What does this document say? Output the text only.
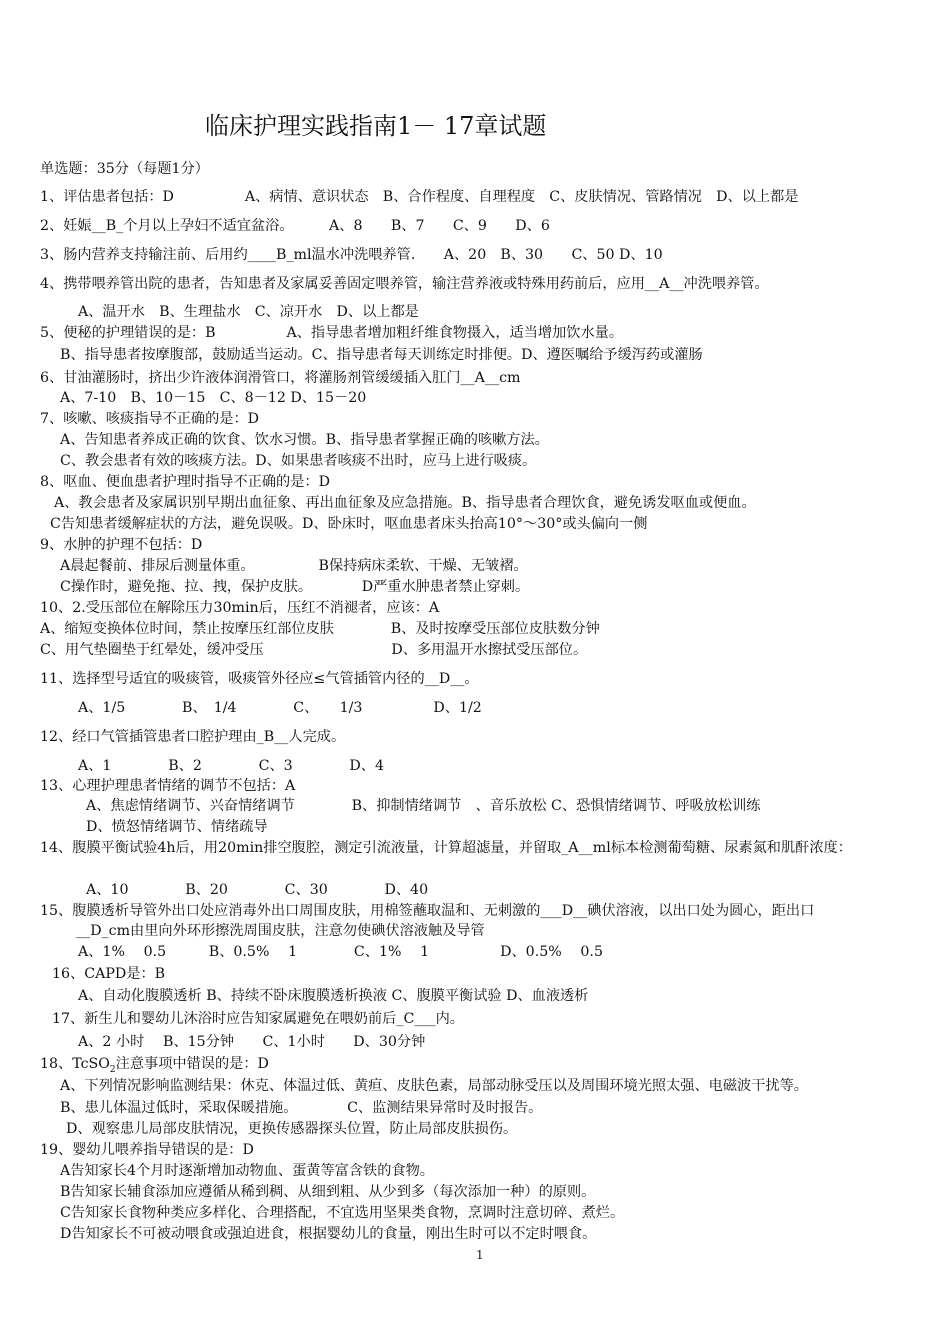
临床护理实践指南1－ 17章试题
单选题：35分（每题1分）
1、评估患者包括：D　　　　　A、病情、意识状态　B、合作程度、自理程度　C、皮肤情况、管路情况　D、以上都是
2、妊娠__B_个月以上孕妇不适宜盆浴。　　　A、8　　B、7　　C、9　　D、6
3、肠内营养支持输注前、后用约____B_ml温水冲洗喂养管.　　A、20　B、30　　C、50 D、10
4、携带喂养管出院的患者，告知患者及家属妥善固定喂养管，输注营养液或特殊用药前后，应用__A__冲洗喂养管。
A、温开水　B、生理盐水　C、凉开水　D、以上都是
5、便秘的护理错误的是：B　　　　　A、指导患者增加粗纤维食物摄入，适当增加饮水量。
B、指导患者按摩腹部，鼓励适当运动。C、指导患者每天训练定时排便。D、遵医嘱给予缓泻药或灌肠
6、甘油灌肠时，挤出少许液体润滑管口，将灌肠剂管缓缓插入肛门__A__cm
A、7-10　B、10－15　C、8－12 D、15－20
7、咳嗽、咳痰指导不正确的是：D
A、告知患者养成正确的饮食、饮水习惯。B、指导患者掌握正确的咳嗽方法。
C、教会患者有效的咳痰方法。D、如果患者咳痰不出时，应马上进行吸痰。
8、呕血、便血患者护理时指导不正确的是：D
A、教会患者及家属识别早期出血征象、再出血征象及应急措施。B、指导患者合理饮食，避免诱发呕血或便血。
C告知患者缓解症状的方法，避免误吸。D、卧床时，呕血患者床头抬高10°～30°或头偏向一侧
9、水肿的护理不包括：D
A晨起餐前、排尿后测量体重。　　　　　B保持病床柔软、干燥、无皱褶。
C操作时，避免拖、拉、拽，保护皮肤。　　　　D严重水肿患者禁止穿刺。
10、2.受压部位在解除压力30min后，压红不消褪者，应该：A
A、缩短变换体位时间，禁止按摩压红部位皮肤　　　　B、及时按摩受压部位皮肤数分钟
C、用气垫圈垫于红晕处，缓冲受压　　　　　　　　　D、多用温开水擦拭受压部位。
11、选择型号适宜的吸痰管，吸痰管外径应≤气管插管内径的__D__。
A、1/5　　　　B、　1/4　　　　C、　　1/3　　　　　D、1/2
12、经口气管插管患者口腔护理由_B__人完成。
A、1　　　　B、2　　　　C、3　　　　D、4
13、心理护理患者情绪的调节不包括：A
A、焦虑情绪调节、兴奋情绪调节　　　　B、抑制情绪调节　、音乐放松 C、恐惧情绪调节、呼吸放松训练
D、愤怒情绪调节、情绪疏导
14、腹膜平衡试验4h后，用20min排空腹腔，测定引流液量，计算超滤量，并留取_A__ml标本检测葡萄糖、尿素氮和肌酐浓度：
A、10　　　　B、20　　　　C、30　　　　D、40
15、腹膜透析导管外出口处应消毒外出口周围皮肤，用棉签蘸取温和、无刺激的___D__碘伏溶液，以出口处为圆心，距出口
__D_cm由里向外环形擦洗周围皮肤，注意勿使碘伏溶液触及导管
A、1%　 0.5　　　B、0.5%　 1　　　　C、1%　 1　　　　　D、0.5%　 0.5
16、CAPD是：B
A、自动化腹膜透析 B、持续不卧床腹膜透析换液 C、腹膜平衡试验 D、血液透析
17、新生儿和婴幼儿沐浴时应告知家属避免在喂奶前后_C___内。
A、2 小时　 B、15分钟　　C、1小时　　D、30分钟
18、TcSO$_2$注意事项中错误的是：D
A、下列情况影响监测结果：休克、体温过低、黄疸、皮肤色素，局部动脉受压以及周围环境光照太强、电磁波干扰等。
B、患儿体温过低时，采取保暖措施。　　　　C、监测结果异常时及时报告。
D、观察患儿局部皮肤情况，更换传感器探头位置，防止局部皮肤损伤。
19、婴幼儿喂养指导错误的是：D
A告知家长4个月时逐渐增加动物血、蛋黄等富含铁的食物。
B告知家长辅食添加应遵循从稀到稠、从细到粗、从少到多（每次添加一种）的原则。
C告知家长食物种类应多样化、合理搭配，不宜选用坚果类食物，烹调时注意切碎、煮烂。
D告知家长不可被动喂食或强迫进食，根据婴幼儿的食量，刚出生时可以不定时喂食。
1
